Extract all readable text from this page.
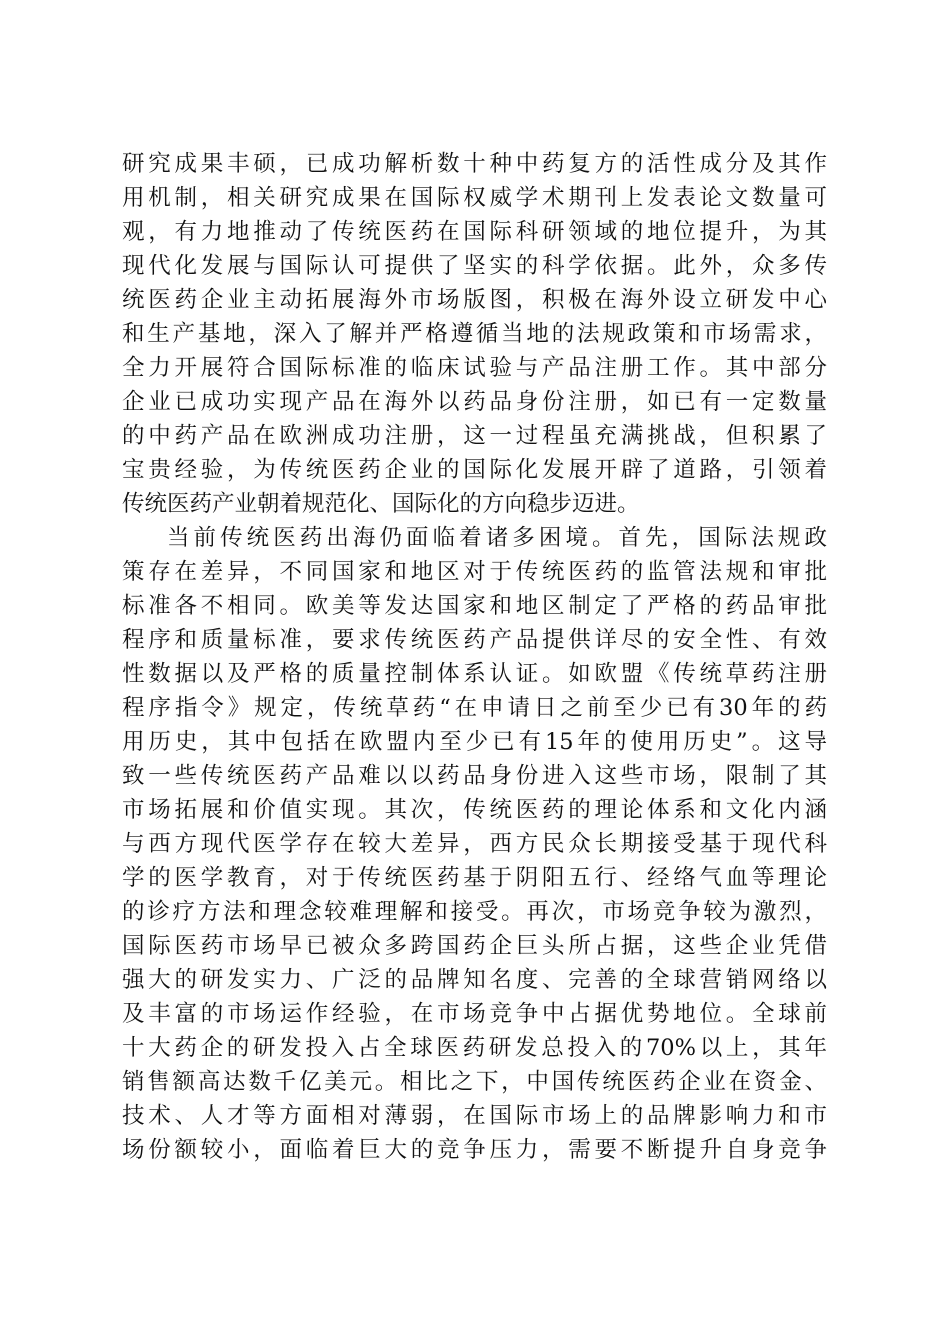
研究成果丰硕，已成功解析数十种中药复方的活性成分及其作
用机制，相关研究成果在国际权威学术期刊上发表论文数量可
观，有力地推动了传统医药在国际科研领域的地位提升，为其
现代化发展与国际认可提供了坚实的科学依据。此外，众多传
统医药企业主动拓展海外市场版图，积极在海外设立研发中心
和生产基地，深入了解并严格遵循当地的法规政策和市场需求，
全力开展符合国际标准的临床试验与产品注册工作。其中部分
企业已成功实现产品在海外以药品身份注册，如已有一定数量
的中药产品在欧洲成功注册，这一过程虽充满挑战，但积累了
宝贵经验，为传统医药企业的国际化发展开辟了道路，引领着
传统医药产业朝着规范化、国际化的方向稳步迈进。
当前传统医药出海仍面临着诸多困境。首先，国际法规政
策存在差异，不同国家和地区对于传统医药的监管法规和审批
标准各不相同。欧美等发达国家和地区制定了严格的药品审批
程序和质量标准，要求传统医药产品提供详尽的安全性、有效
性数据以及严格的质量控制体系认证。如欧盟《传统草药注册
程序指令》规定，传统草药“在申请日之前至少已有30年的药
用历史，其中包括在欧盟内至少已有15年的使用历史”。这导
致一些传统医药产品难以以药品身份进入这些市场，限制了其
市场拓展和价值实现。其次，传统医药的理论体系和文化内涵
与西方现代医学存在较大差异，西方民众长期接受基于现代科
学的医学教育，对于传统医药基于阴阳五行、经络气血等理论
的诊疗方法和理念较难理解和接受。再次，市场竞争较为激烈，
国际医药市场早已被众多跨国药企巨头所占据，这些企业凭借
强大的研发实力、广泛的品牌知名度、完善的全球营销网络以
及丰富的市场运作经验，在市场竞争中占据优势地位。全球前
十大药企的研发投入占全球医药研发总投入的70%以上，其年
销售额高达数千亿美元。相比之下，中国传统医药企业在资金、
技术、人才等方面相对薄弱，在国际市场上的品牌影响力和市
场份额较小，面临着巨大的竞争压力，需要不断提升自身竞争
